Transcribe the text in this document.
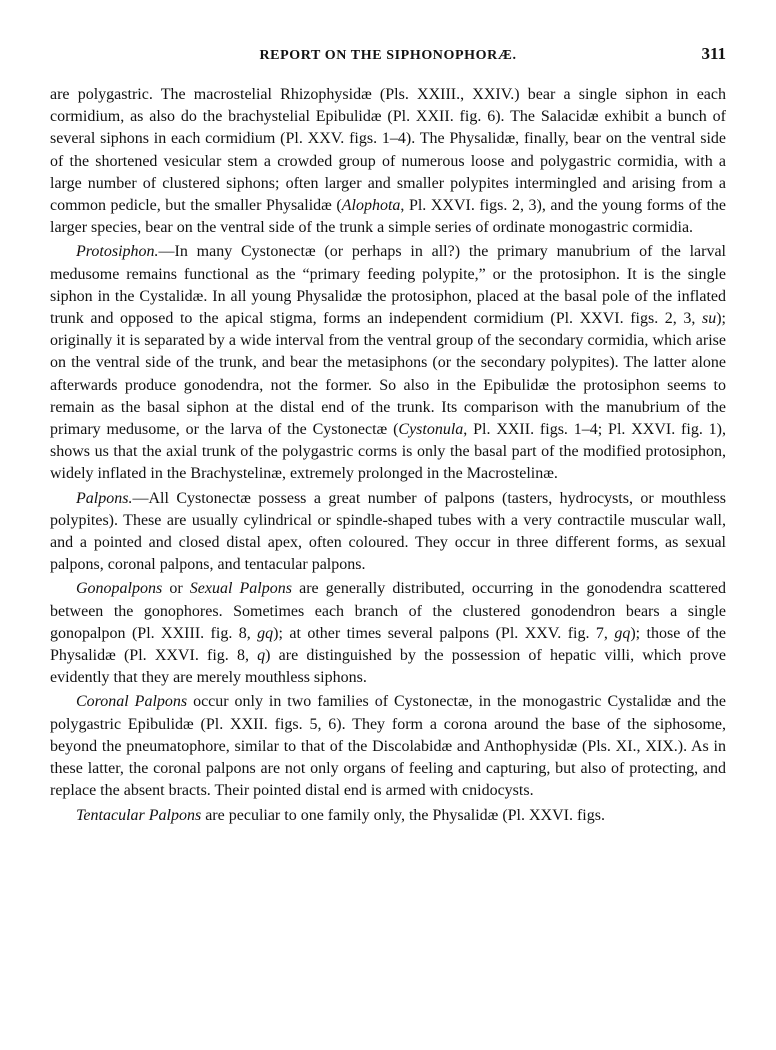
REPORT ON THE SIPHONOPHORÆ.	311

are polygastric. The macrostelial Rhizophysidæ (Pls. XXIII., XXIV.) bear a single siphon in each cormidium, as also do the brachystelial Epibulidæ (Pl. XXII. fig. 6). The Salacidæ exhibit a bunch of several siphons in each cormidium (Pl. XXV. figs. 1–4). The Physalidæ, finally, bear on the ventral side of the shortened vesicular stem a crowded group of numerous loose and polygastric cormidia, with a large number of clustered siphons; often larger and smaller polypites intermingled and arising from a common pedicle, but the smaller Physalidæ (Alophota, Pl. XXVI. figs. 2, 3), and the young forms of the larger species, bear on the ventral side of the trunk a simple series of ordinate monogastric cormidia.

Protosiphon.—In many Cystonectæ (or perhaps in all?) the primary manubrium of the larval medusome remains functional as the “primary feeding polypite,” or the protosiphon. It is the single siphon in the Cystalidæ. In all young Physalidæ the protosiphon, placed at the basal pole of the inflated trunk and opposed to the apical stigma, forms an independent cormidium (Pl. XXVI. figs. 2, 3, su); originally it is separated by a wide interval from the ventral group of the secondary cormidia, which arise on the ventral side of the trunk, and bear the metasiphons (or the secondary polypites). The latter alone afterwards produce gonodendra, not the former. So also in the Epibulidæ the protosiphon seems to remain as the basal siphon at the distal end of the trunk. Its comparison with the manubrium of the primary medusome, or the larva of the Cystonectæ (Cystonula, Pl. XXII. figs. 1–4; Pl. XXVI. fig. 1), shows us that the axial trunk of the polygastric corms is only the basal part of the modified protosiphon, widely inflated in the Brachystelinæ, extremely prolonged in the Macrostelinæ.

Palpons.—All Cystonectæ possess a great number of palpons (tasters, hydrocysts, or mouthless polypites). These are usually cylindrical or spindle-shaped tubes with a very contractile muscular wall, and a pointed and closed distal apex, often coloured. They occur in three different forms, as sexual palpons, coronal palpons, and tentacular palpons.

Gonopalpons or Sexual Palpons are generally distributed, occurring in the gonodendra scattered between the gonophores. Sometimes each branch of the clustered gonodendron bears a single gonopalpon (Pl. XXIII. fig. 8, gq); at other times several palpons (Pl. XXV. fig. 7, gq); those of the Physalidæ (Pl. XXVI. fig. 8, q) are distinguished by the possession of hepatic villi, which prove evidently that they are merely mouthless siphons.

Coronal Palpons occur only in two families of Cystonectæ, in the monogastric Cystalidæ and the polygastric Epibulidæ (Pl. XXII. figs. 5, 6). They form a corona around the base of the siphosome, beyond the pneumatophore, similar to that of the Discolabidæ and Anthophysidæ (Pls. XI., XIX.). As in these latter, the coronal palpons are not only organs of feeling and capturing, but also of protecting, and replace the absent bracts. Their pointed distal end is armed with cnidocysts.

Tentacular Palpons are peculiar to one family only, the Physalidæ (Pl. XXVI. figs.
